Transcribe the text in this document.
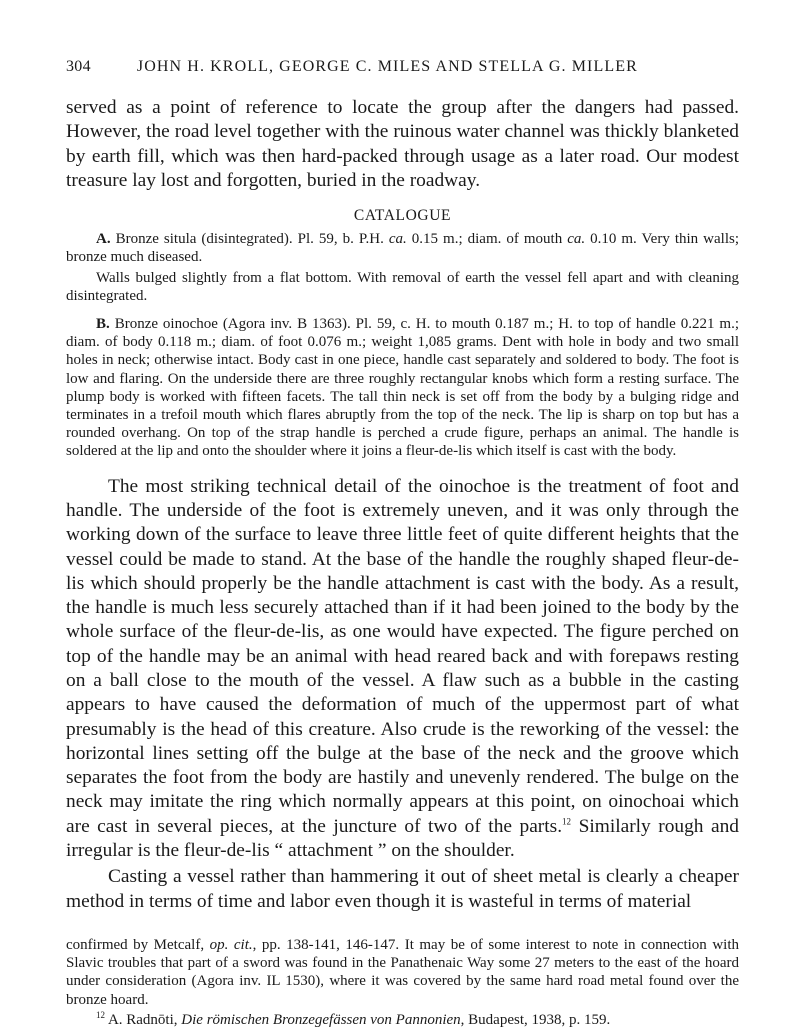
304	JOHN H. KROLL, GEORGE C. MILES AND STELLA G. MILLER

served as a point of reference to locate the group after the dangers had passed. However, the road level together with the ruinous water channel was thickly blanketed by earth fill, which was then hard-packed through usage as a later road. Our modest treasure lay lost and forgotten, buried in the roadway.

CATALOGUE

A. Bronze situla (disintegrated). Pl. 59, b. P.H. ca. 0.15 m.; diam. of mouth ca. 0.10 m. Very thin walls; bronze much diseased.

Walls bulged slightly from a flat bottom. With removal of earth the vessel fell apart and with cleaning disintegrated.

B. Bronze oinochoe (Agora inv. B 1363). Pl. 59, c. H. to mouth 0.187 m.; H. to top of handle 0.221 m.; diam. of body 0.118 m.; diam. of foot 0.076 m.; weight 1,085 grams. Dent with hole in body and two small holes in neck; otherwise intact. Body cast in one piece, handle cast separately and soldered to body. The foot is low and flaring. On the underside there are three roughly rectangular knobs which form a resting surface. The plump body is worked with fifteen facets. The tall thin neck is set off from the body by a bulging ridge and terminates in a trefoil mouth which flares abruptly from the top of the neck. The lip is sharp on top but has a rounded overhang. On top of the strap handle is perched a crude figure, perhaps an animal. The handle is soldered at the lip and onto the shoulder where it joins a fleur-de-lis which itself is cast with the body.

The most striking technical detail of the oinochoe is the treatment of foot and handle. The underside of the foot is extremely uneven, and it was only through the working down of the surface to leave three little feet of quite different heights that the vessel could be made to stand. At the base of the handle the roughly shaped fleur-de-lis which should properly be the handle attachment is cast with the body. As a result, the handle is much less securely attached than if it had been joined to the body by the whole surface of the fleur-de-lis, as one would have expected. The figure perched on top of the handle may be an animal with head reared back and with forepaws resting on a ball close to the mouth of the vessel. A flaw such as a bubble in the casting appears to have caused the deformation of much of the uppermost part of what presumably is the head of this creature. Also crude is the reworking of the vessel: the horizontal lines setting off the bulge at the base of the neck and the groove which separates the foot from the body are hastily and unevenly rendered. The bulge on the neck may imitate the ring which normally appears at this point, on oinochoai which are cast in several pieces, at the juncture of two of the parts.$^{12}$ Similarly rough and irregular is the fleur-de-lis “ attachment ” on the shoulder.

Casting a vessel rather than hammering it out of sheet metal is clearly a cheaper method in terms of time and labor even though it is wasteful in terms of material

confirmed by Metcalf, op. cit., pp. 138-141, 146-147. It may be of some interest to note in connection with Slavic troubles that part of a sword was found in the Panathenaic Way some 27 meters to the east of the hoard under consideration (Agora inv. IL 1530), where it was covered by the same hard road metal found over the bronze hoard.

$^{12}$ A. Radnōti, Die römischen Bronzegefässen von Pannonien, Budapest, 1938, p. 159.
